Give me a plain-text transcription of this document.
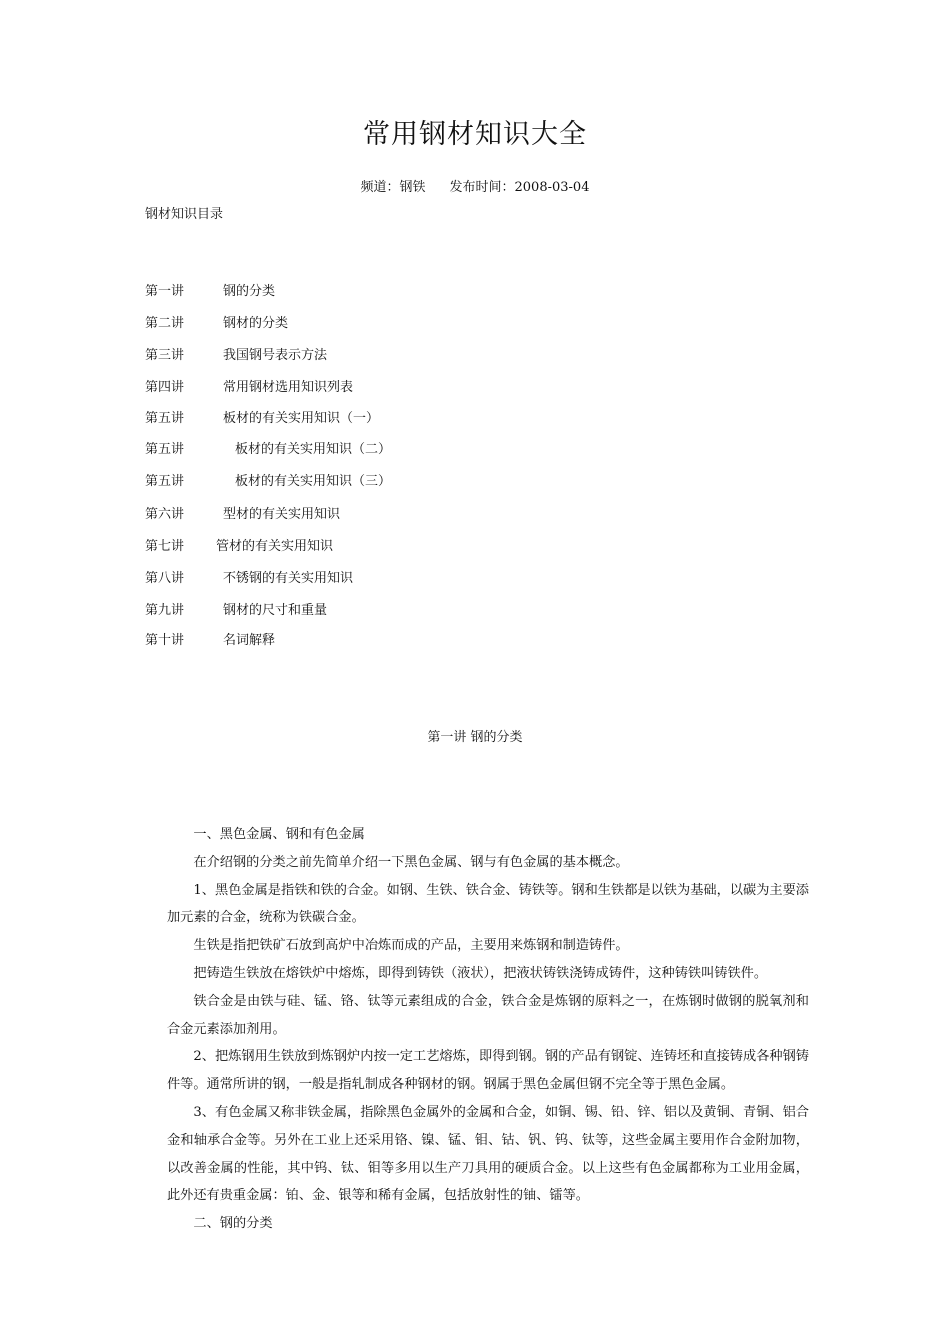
常用钢材知识大全
频道：钢铁 发布时间：2008-03-04
钢材知识目录
第一讲	钢的分类
第二讲	钢材的分类
第三讲	我国钢号表示方法
第四讲	常用钢材选用知识列表
第五讲	板材的有关实用知识（一）
第五讲	板材的有关实用知识（二）
第五讲	板材的有关实用知识（三）
第六讲	型材的有关实用知识
第七讲 管材的有关实用知识
第八讲	不锈钢的有关实用知识
第九讲	钢材的尺寸和重量
第十讲	名词解释
第一讲 钢的分类

一、黑色金属、钢和有色金属

在介绍钢的分类之前先简单介绍一下黑色金属、钢与有色金属的基本概念。

1、黑色金属是指铁和铁的合金。如钢、生铁、铁合金、铸铁等。钢和生铁都是以铁为基础，以碳为主要添加元素的合金，统称为铁碳合金。

生铁是指把铁矿石放到高炉中冶炼而成的产品，主要用来炼钢和制造铸件。

把铸造生铁放在熔铁炉中熔炼，即得到铸铁（液状），把液状铸铁浇铸成铸件，这种铸铁叫铸铁件。

铁合金是由铁与硅、锰、铬、钛等元素组成的合金，铁合金是炼钢的原料之一，在炼钢时做钢的脱氧剂和合金元素添加剂用。

2、把炼钢用生铁放到炼钢炉内按一定工艺熔炼，即得到钢。钢的产品有钢锭、连铸坯和直接铸成各种钢铸件等。通常所讲的钢，一般是指轧制成各种钢材的钢。钢属于黑色金属但钢不完全等于黑色金属。

3、有色金属又称非铁金属，指除黑色金属外的金属和合金，如铜、锡、铅、锌、铝以及黄铜、青铜、铝合金和轴承合金等。另外在工业上还采用铬、镍、锰、钼、钴、钒、钨、钛等，这些金属主要用作合金附加物，以改善金属的性能，其中钨、钛、钼等多用以生产刀具用的硬质合金。以上这些有色金属都称为工业用金属，此外还有贵重金属：铂、金、银等和稀有金属，包括放射性的铀、镭等。

二、钢的分类
